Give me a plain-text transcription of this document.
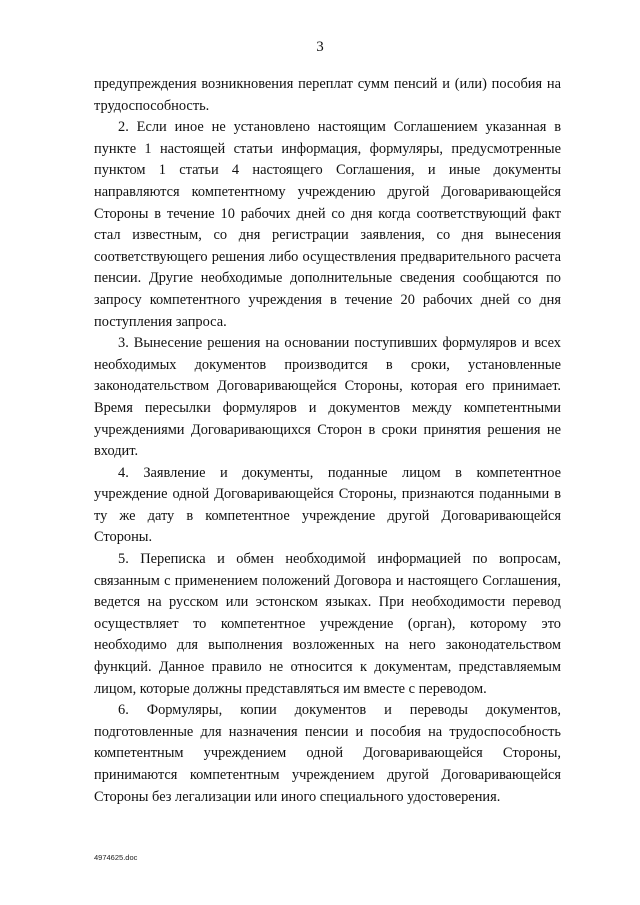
3

предупреждения возникновения переплат сумм пенсий и (или) пособия на трудоспособность.

2. Если иное не установлено настоящим Соглашением указанная в пункте 1 настоящей статьи информация, формуляры, предусмотренные пунктом 1 статьи 4 настоящего Соглашения, и иные документы направляются компетентному учреждению другой Договаривающейся Стороны в течение 10 рабочих дней со дня когда соответствующий факт стал известным, со дня регистрации заявления, со дня вынесения соответствующего решения либо осуществления предварительного расчета пенсии. Другие необходимые дополнительные сведения сообщаются по запросу компетентного учреждения в течение 20 рабочих дней со дня поступления запроса.

3. Вынесение решения на основании поступивших формуляров и всех необходимых документов производится в сроки, установленные законодательством Договаривающейся Стороны, которая его принимает. Время пересылки формуляров и документов между компетентными учреждениями Договаривающихся Сторон в сроки принятия решения не входит.

4. Заявление и документы, поданные лицом в компетентное учреждение одной Договаривающейся Стороны, признаются поданными в ту же дату в компетентное учреждение другой Договаривающейся Стороны.

5. Переписка и обмен необходимой информацией по вопросам, связанным с применением положений Договора и настоящего Соглашения, ведется на русском или эстонском языках. При необходимости перевод осуществляет то компетентное учреждение (орган), которому это необходимо для выполнения возложенных на него законодательством функций. Данное правило не относится к документам, представляемым лицом, которые должны представляться им вместе с переводом.

6. Формуляры, копии документов и переводы документов, подготовленные для назначения пенсии и пособия на трудоспособность компетентным учреждением одной Договаривающейся Стороны, принимаются компетентным учреждением другой Договаривающейся Стороны без легализации или иного специального удостоверения.

4974625.doc
